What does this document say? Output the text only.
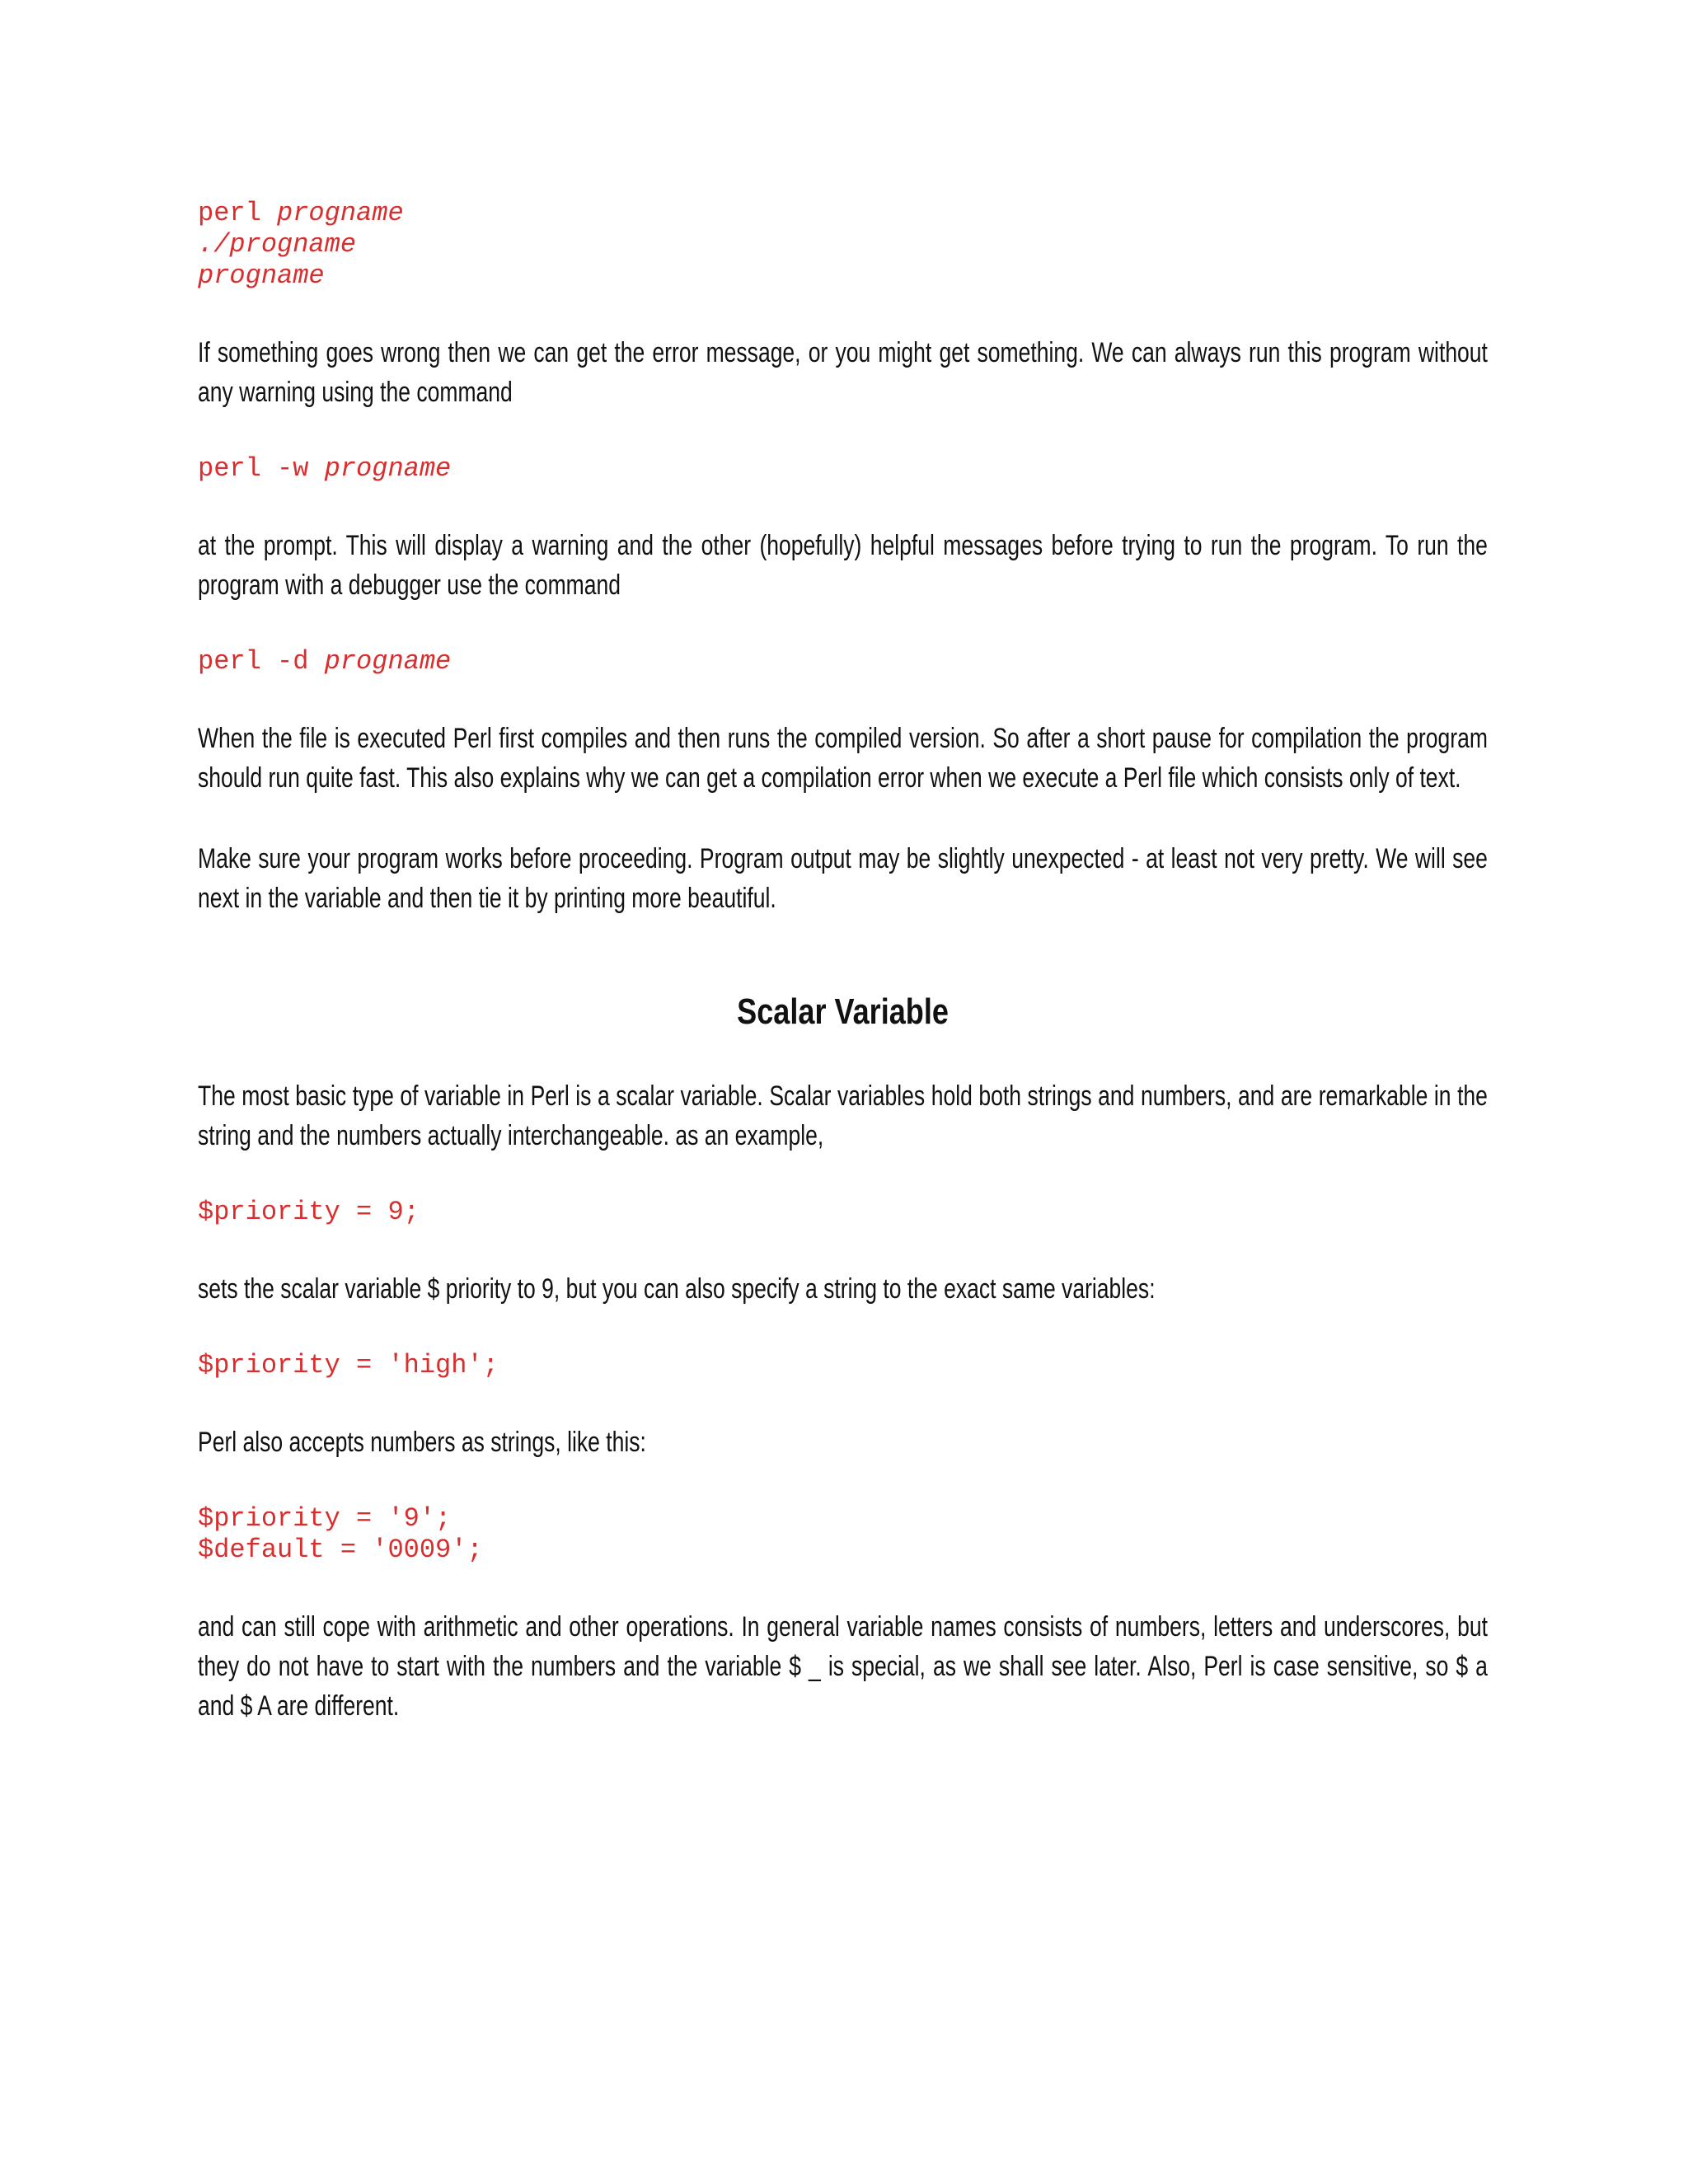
perl progname
./progname
progname

If something goes wrong then we can get the error message, or you might get something. We can always run this program without any warning using the command

perl -w progname

at the prompt. This will display a warning and the other (hopefully) helpful messages before trying to run the program. To run the program with a debugger use the command

perl -d progname

When the file is executed Perl first compiles and then runs the compiled version. So after a short pause for compilation the program should run quite fast. This also explains why we can get a compilation error when we execute a Perl file which consists only of text.

Make sure your program works before proceeding. Program output may be slightly unexpected - at least not very pretty. We will see next in the variable and then tie it by printing more beautiful.

Scalar Variable

The most basic type of variable in Perl is a scalar variable. Scalar variables hold both strings and numbers, and are remarkable in the string and the numbers actually interchangeable. as an example,

$priority = 9;

sets the scalar variable $ priority to 9, but you can also specify a string to the exact same variables:

$priority = 'high';

Perl also accepts numbers as strings, like this:

$priority = '9';
$default = '0009';

and can still cope with arithmetic and other operations. In general variable names consists of numbers, letters and underscores, but they do not have to start with the numbers and the variable $ _ is special, as we shall see later. Also, Perl is case sensitive, so $ a and $ A are different.
